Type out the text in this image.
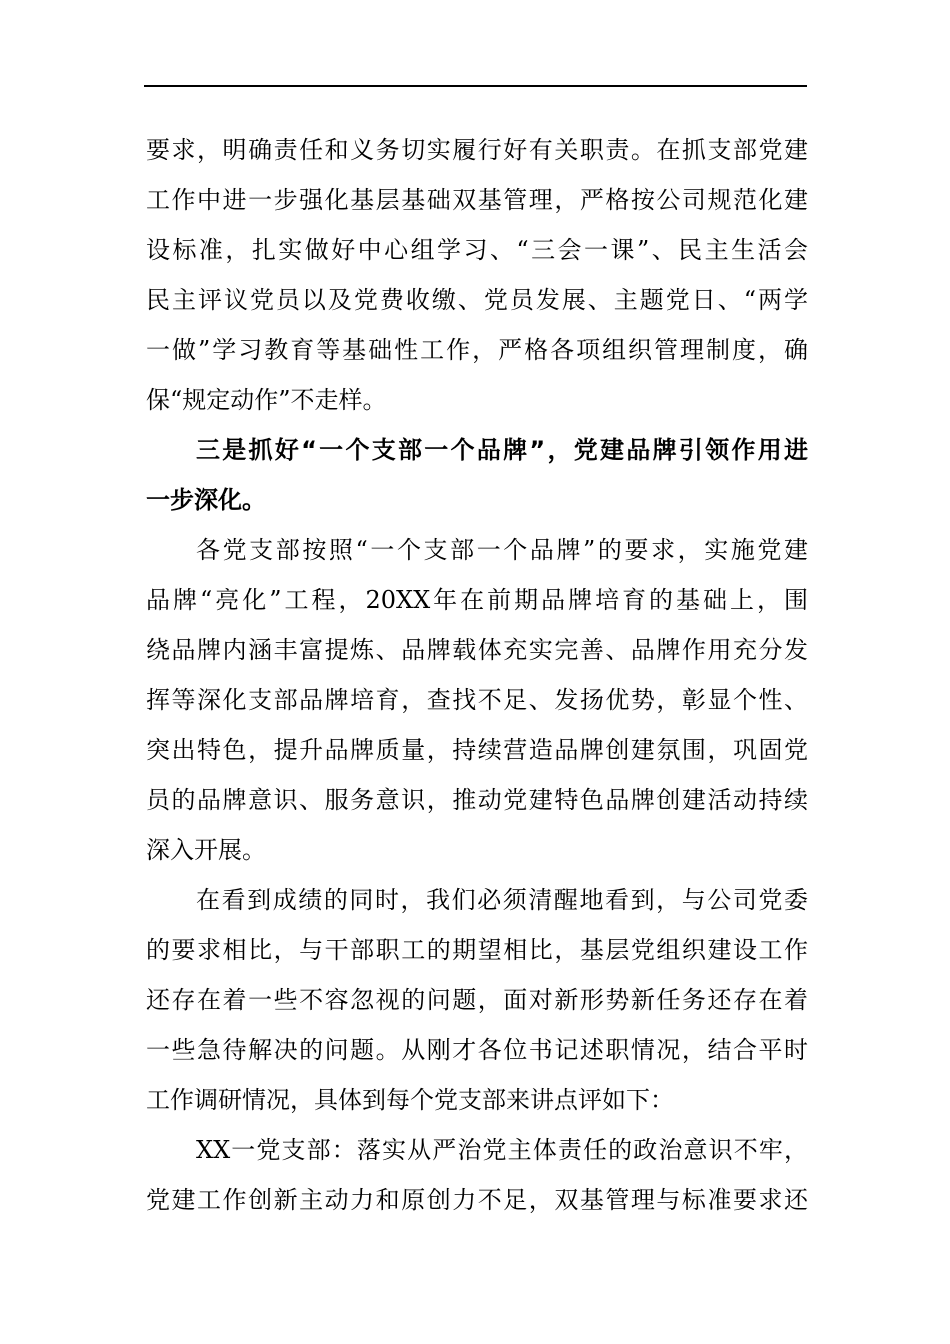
要求，明确责任和义务切实履行好有关职责。在抓支部党建
工作中进一步强化基层基础双基管理，严格按公司规范化建
设标准，扎实做好中心组学习、“三会一课”、民主生活会
民主评议党员以及党费收缴、党员发展、主题党日、“两学
一做”学习教育等基础性工作，严格各项组织管理制度，确
保“规定动作”不走样。
三是抓好“一个支部一个品牌”，党建品牌引领作用进
一步深化。
各党支部按照“一个支部一个品牌”的要求，实施党建
品牌“亮化”工程，20XX年在前期品牌培育的基础上，围
绕品牌内涵丰富提炼、品牌载体充实完善、品牌作用充分发
挥等深化支部品牌培育，查找不足、发扬优势，彰显个性、
突出特色，提升品牌质量，持续营造品牌创建氛围，巩固党
员的品牌意识、服务意识，推动党建特色品牌创建活动持续
深入开展。
在看到成绩的同时，我们必须清醒地看到，与公司党委
的要求相比，与干部职工的期望相比，基层党组织建设工作
还存在着一些不容忽视的问题，面对新形势新任务还存在着
一些急待解决的问题。从刚才各位书记述职情况，结合平时
工作调研情况，具体到每个党支部来讲点评如下：
XX一党支部：落实从严治党主体责任的政治意识不牢，
党建工作创新主动力和原创力不足，双基管理与标准要求还
